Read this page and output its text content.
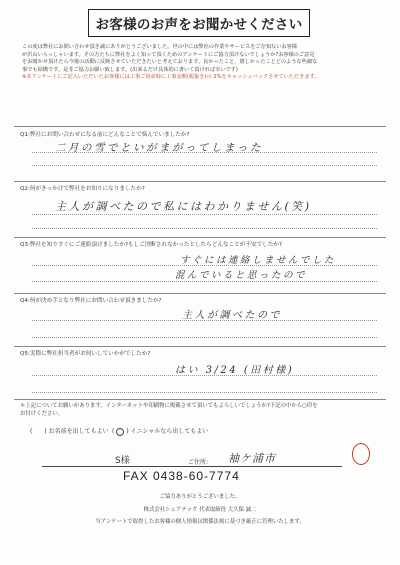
お客様のお声をお聞かせください

この度は弊社にお問い合わせ頂き誠にありがとうございました。世の中には弊社の作業やサービスをご存知ないお客様

が沢山いらっしゃいます。その方たちに弊社をよく知って頂くためのアンケートにご協力頂けないでしょうか?お客様のご意見

をお聞かせ頂けたら今後の活動に反映させていただきたいと考えております。良かったこと、嬉しかったことどのような些細な

事でも結構です。是非ご協力お願い致します。(出来るだけ具体的に書いて頂ければ幸いです)

※本アンケートにご記入いただいたお客様には工事ご用命時に工事金額(税抜き)の 2%をキャッシュバックさせていただきます。

Q1:弊社にお問い合わせになる前にどんなことで悩んでいましたか?
二月の雪でといがまがってしまった
Q2:何がきっかけで弊社をお知りになりましたか?
主人が調べたので私にはわかりません(笑)
Q3:弊社を知りすぐにご連絡頂けましたか?もしご決断されなかったとしたらどんなことが不安でしたか?
すぐには連絡しませんでした
混んでいると思ったので
Q4:何が決め手となり弊社にお問い合わせ頂きましたか?
主人が調べたので
Q5:実際に弊社担当者がお伺いしていかがでしたか?
はい 3/24 (田村様)

＊上記についてお願いがあります。インターネットや印刷物に掲載させて頂いてもよろしいでしょうか?下記の中から○印を

お付けください。

( ) お名前を出してもよい ( ) イニシャルなら出してもよい
S様	ご住所: 袖ケ浦市
FAX 0438-60-7774
ご協力ありがとうございました。
株式会社シェアテック 代表取締役 大久保 誠二
当アンケートで取得したお客様の個人情報は関係法規に基づき厳正に管理いたします。
